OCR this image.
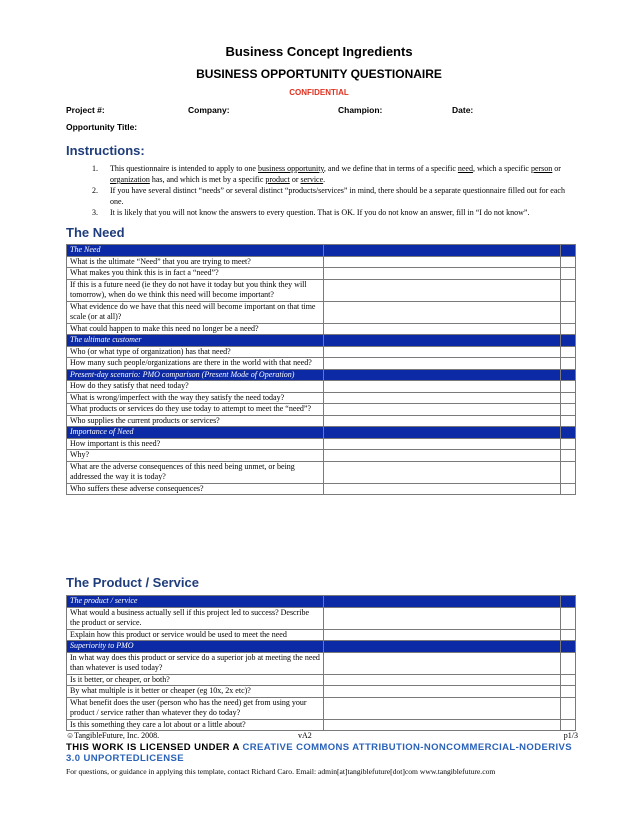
Business Concept Ingredients
BUSINESS OPPORTUNITY QUESTIONAIRE
CONFIDENTIAL
Project #:	Company:	Champion:	Date:
Opportunity Title:
Instructions:
1. This questionnaire is intended to apply to one business opportunity, and we define that in terms of a specific need, which a specific person or organization has, and which is met by a specific product or service.
2. If you have several distinct “needs” or several distinct “products/services” in mind, there should be a separate questionnaire filled out for each one.
3. It is likely that you will not know the answers to every question. That is OK. If you do not know an answer, fill in “I do not know”.
The Need
The Need		
What is the ultimate “Need” that you are trying to meet?		
What makes you think this is in fact a “need”?		
If this is a future need (ie they do not have it today but you think they will tomorrow), when do we think this need will become important?		
What evidence do we have that this need will become important on that time scale (or at all)?		
What could happen to make this need no longer be a need?		
The ultimate customer		
Who (or what type of organization) has that need?		
How many such people/organizations are there in the world with that need?		
Present-day scenario: PMO comparison (Present Mode of Operation)		
How do they satisfy that need today?		
What is wrong/imperfect with the way they satisfy the need today?		
What products or services do they use today to attempt to meet the “need”?		
Who supplies the current products or services?		
Importance of Need		
How important is this need?		
Why?		
What are the adverse consequences of this need being unmet, or being addressed the way it is today?		
Who suffers these adverse consequences?		
The Product / Service
The product / service		
What would a business actually sell if this project led to success? Describe the product or service.		
Explain how this product or service would be used to meet the need		
Superiority to PMO		
In what way does this product or service do a superior job at meeting the need than whatever is used today?		
Is it better, or cheaper, or both?		
By what multiple is it better or cheaper (eg 10x, 2x etc)?		
What benefit does the user (person who has the need) get from using your product / service rather than whatever they do today?		
Is this something they care a lot about or a little about?		
☺TangibleFuture, Inc. 2008.	vA2	p1/3
THIS WORK IS LICENSED UNDER A CREATIVE COMMONS ATTRIBUTION-NONCOMMERCIAL-NODERIVS 3.0 UNPORTEDLICENSE
For questions, or guidance in applying this template, contact Richard Caro. Email: admin[at]tangiblefuture[dot]com www.tangiblefuture.com
